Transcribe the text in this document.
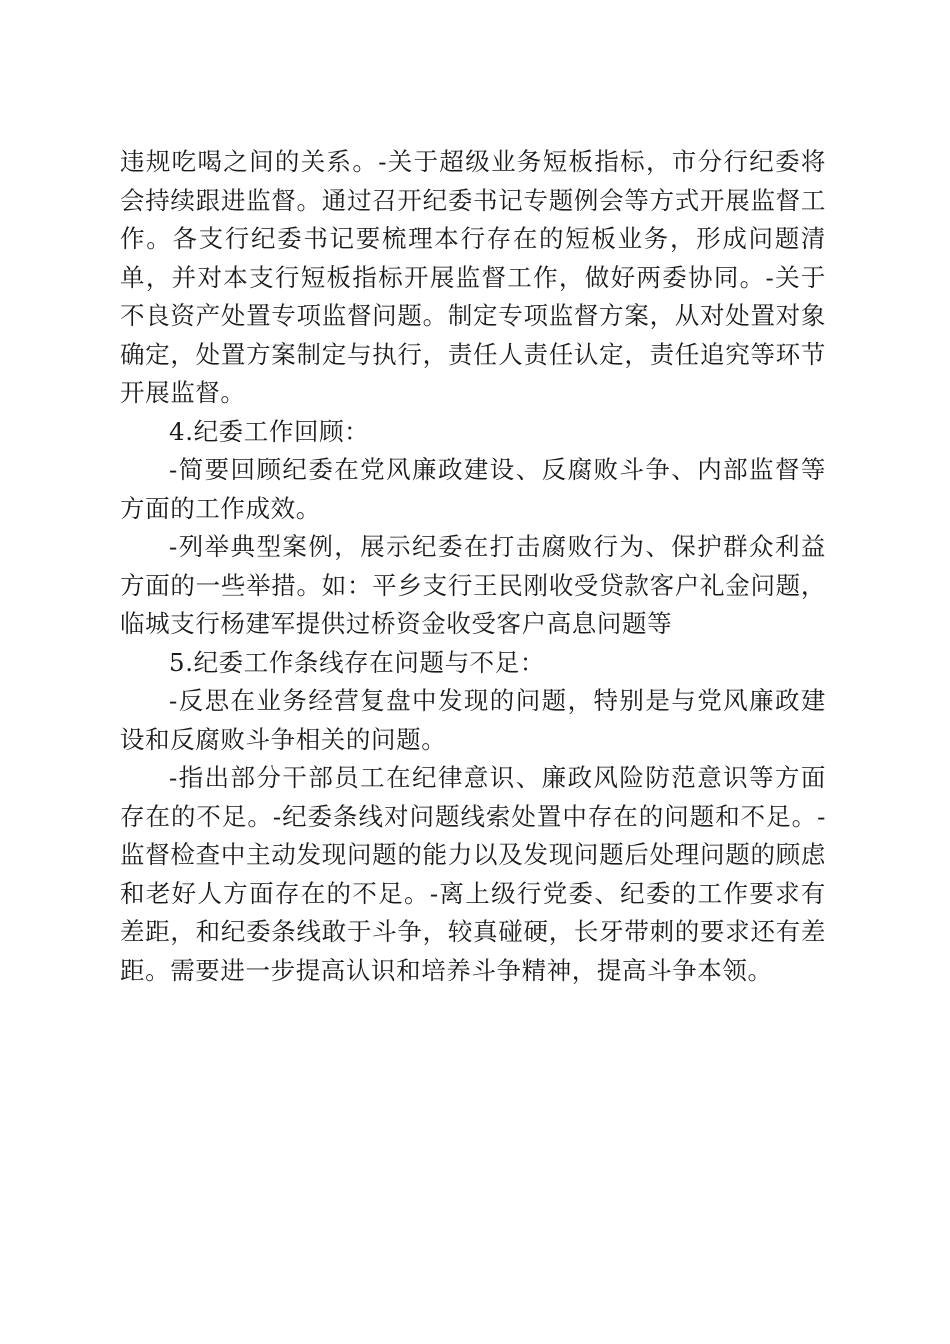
违规吃喝之间的关系。-关于超级业务短板指标，市分行纪委将会持续跟进监督。通过召开纪委书记专题例会等方式开展监督工作。各支行纪委书记要梳理本行存在的短板业务，形成问题清单，并对本支行短板指标开展监督工作，做好两委协同。-关于不良资产处置专项监督问题。制定专项监督方案，从对处置对象确定，处置方案制定与执行，责任人责任认定，责任追究等环节开展监督。

4.纪委工作回顾：

-简要回顾纪委在党风廉政建设、反腐败斗争、内部监督等方面的工作成效。

-列举典型案例，展示纪委在打击腐败行为、保护群众利益方面的一些举措。如：平乡支行王民刚收受贷款客户礼金问题，临城支行杨建军提供过桥资金收受客户高息问题等

5.纪委工作条线存在问题与不足：

-反思在业务经营复盘中发现的问题，特别是与党风廉政建设和反腐败斗争相关的问题。

-指出部分干部员工在纪律意识、廉政风险防范意识等方面存在的不足。-纪委条线对问题线索处置中存在的问题和不足。-监督检查中主动发现问题的能力以及发现问题后处理问题的顾虑和老好人方面存在的不足。-离上级行党委、纪委的工作要求有差距，和纪委条线敢于斗争，较真碰硬，长牙带刺的要求还有差距。需要进一步提高认识和培养斗争精神，提高斗争本领。
